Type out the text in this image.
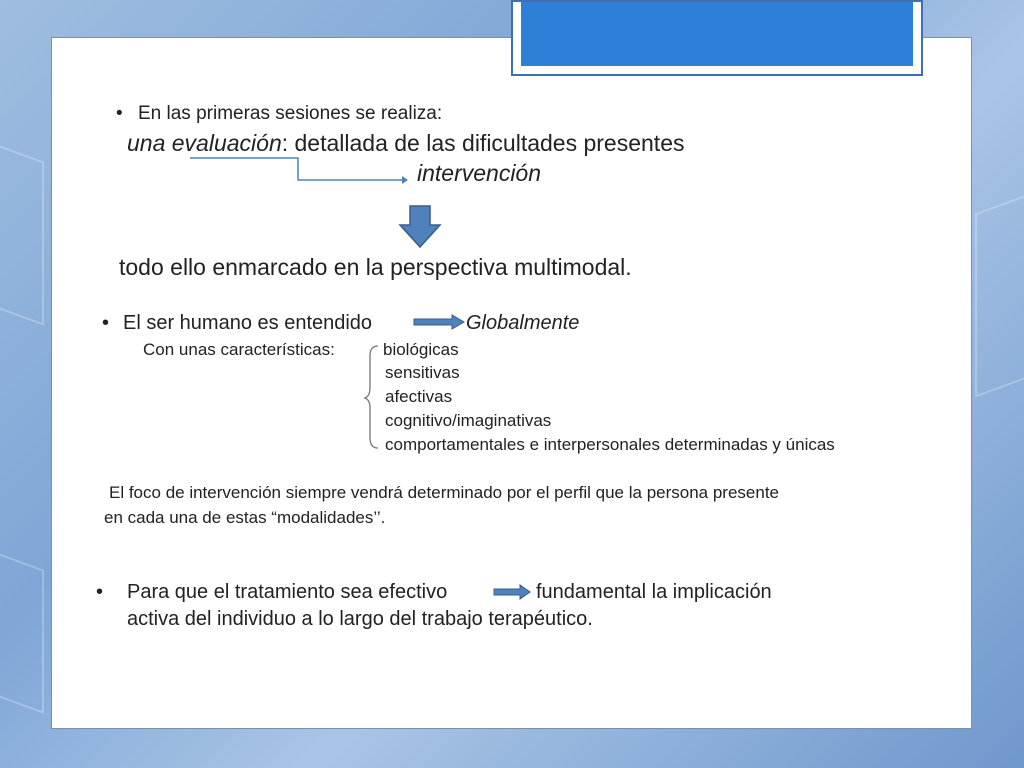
• En las primeras sesiones se realiza:
una evaluación: detallada de las dificultades presentes
intervención
todo ello enmarcado en la perspectiva multimodal.
• El ser humano es entendido	Globalmente
Con unas características:	biológicas
sensitivas
afectivas
cognitivo/imaginativas
comportamentales e interpersonales determinadas y únicas
El foco de intervención siempre vendrá determinado por el perfil que la persona presente
en cada una de estas “modalidades’’.
• Para que el tratamiento sea efectivo	fundamental la implicación
activa del individuo a lo largo del trabajo terapéutico.
